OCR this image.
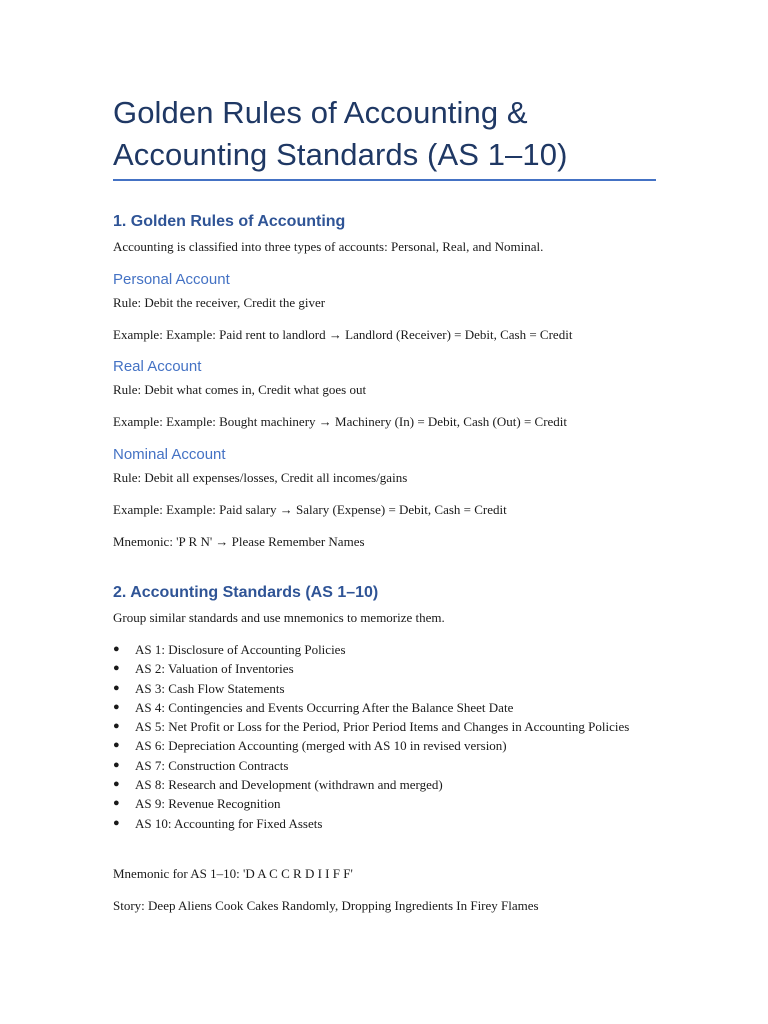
Golden Rules of Accounting & Accounting Standards (AS 1–10)
1. Golden Rules of Accounting

Accounting is classified into three types of accounts: Personal, Real, and Nominal.

Personal Account

Rule: Debit the receiver, Credit the giver

Example: Example: Paid rent to landlord → Landlord (Receiver) = Debit, Cash = Credit

Real Account

Rule: Debit what comes in, Credit what goes out

Example: Example: Bought machinery → Machinery (In) = Debit, Cash (Out) = Credit

Nominal Account

Rule: Debit all expenses/losses, Credit all incomes/gains

Example: Example: Paid salary → Salary (Expense) = Debit, Cash = Credit

Mnemonic: 'P R N' → Please Remember Names

2. Accounting Standards (AS 1–10)

Group similar standards and use mnemonics to memorize them.

● AS 1: Disclosure of Accounting Policies
● AS 2: Valuation of Inventories
● AS 3: Cash Flow Statements
● AS 4: Contingencies and Events Occurring After the Balance Sheet Date
● AS 5: Net Profit or Loss for the Period, Prior Period Items and Changes in Accounting Policies
● AS 6: Depreciation Accounting (merged with AS 10 in revised version)
● AS 7: Construction Contracts
● AS 8: Research and Development (withdrawn and merged)
● AS 9: Revenue Recognition
● AS 10: Accounting for Fixed Assets

Mnemonic for AS 1–10: 'D A C C R D I I F F'

Story: Deep Aliens Cook Cakes Randomly, Dropping Ingredients In Firey Flames
